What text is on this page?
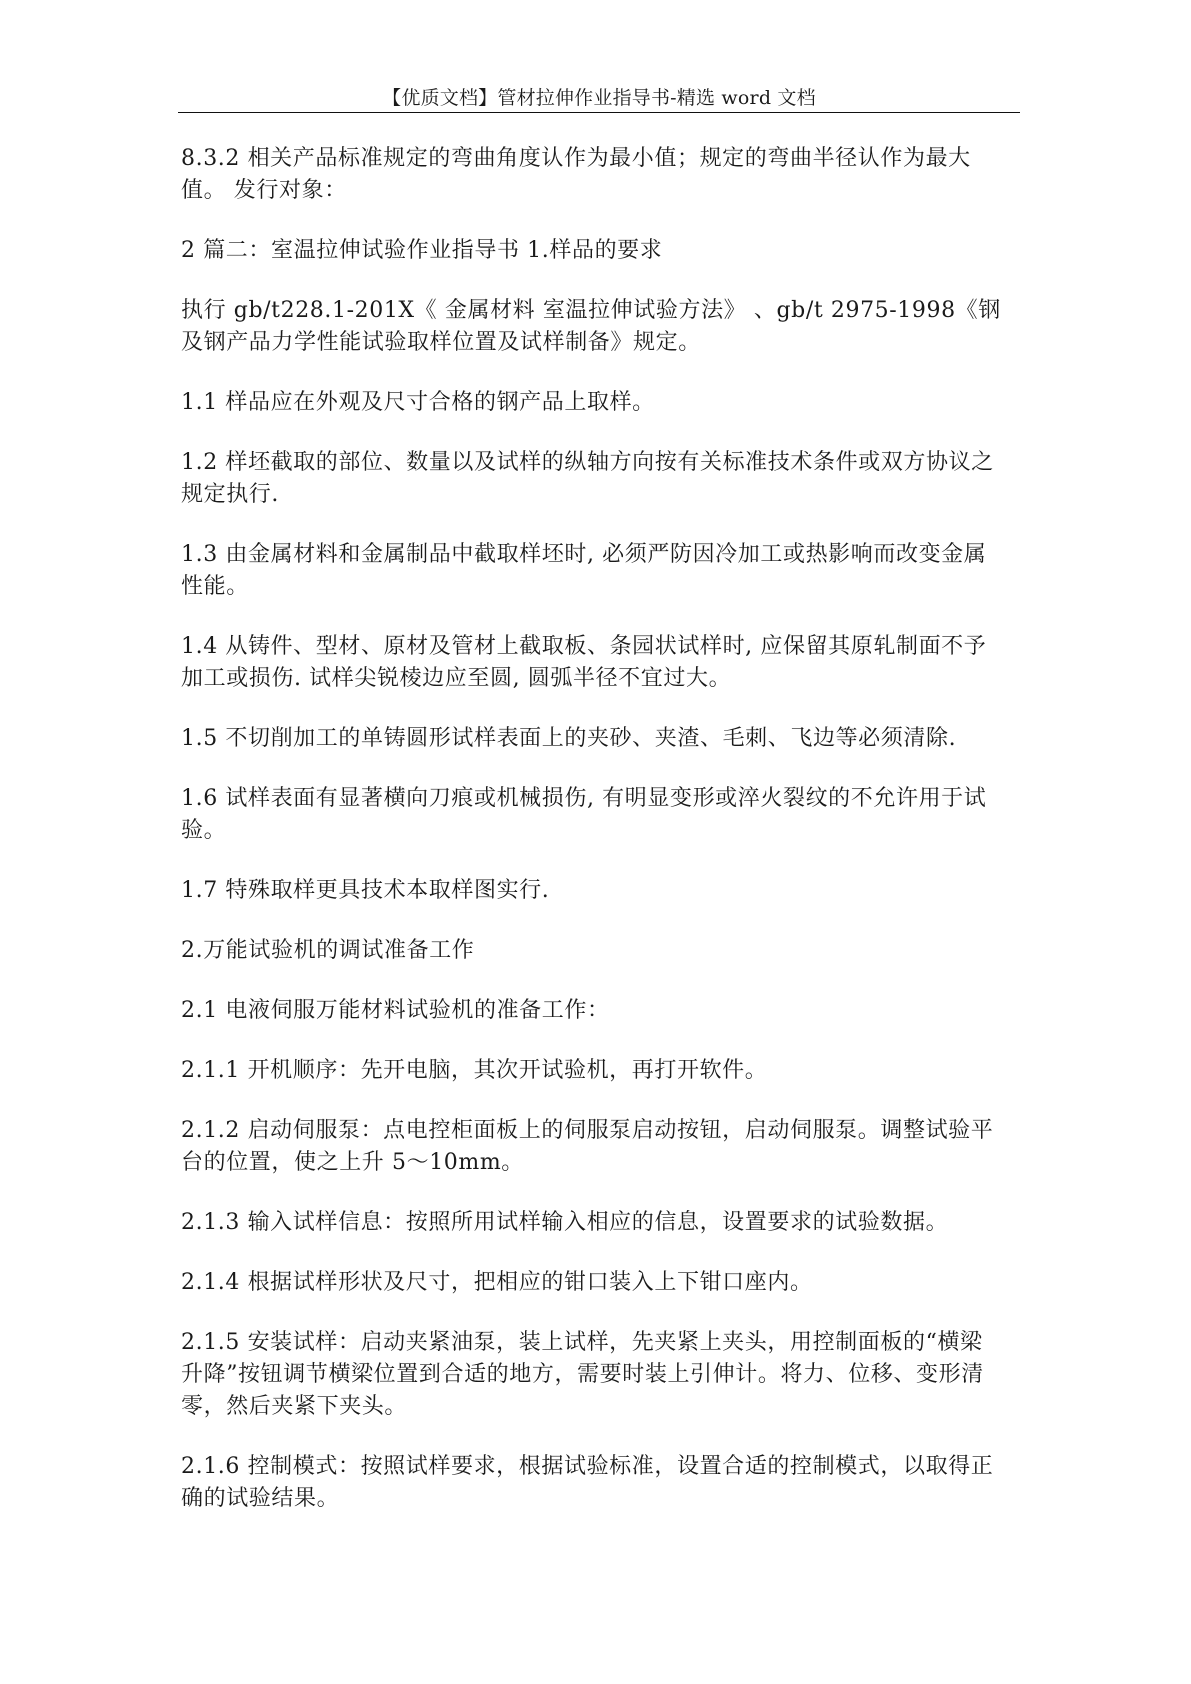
【优质文档】管材拉伸作业指导书-精选 word 文档

8.3.2 相关产品标准规定的弯曲角度认作为最小值；规定的弯曲半径认作为最大值。 发行对象：

2 篇二：室温拉伸试验作业指导书 1.样品的要求

执行 gb/t228.1-201X《 金属材料 室温拉伸试验方法》 、gb/t 2975-1998《钢及钢产品力学性能试验取样位置及试样制备》规定。

1.1 样品应在外观及尺寸合格的钢产品上取样。

1.2 样坯截取的部位、数量以及试样的纵轴方向按有关标准技术条件或双方协议之规定执行.

1.3 由金属材料和金属制品中截取样坯时, 必须严防因冷加工或热影响而改变金属性能。

1.4 从铸件、型材、原材及管材上截取板、条园状试样时, 应保留其原轧制面不予加工或损伤. 试样尖锐棱边应至圆, 圆弧半径不宜过大。

1.5 不切削加工的单铸圆形试样表面上的夹砂、夹渣、毛刺、飞边等必须清除.

1.6 试样表面有显著横向刀痕或机械损伤, 有明显变形或淬火裂纹的不允许用于试验。

1.7 特殊取样更具技术本取样图实行.

2.万能试验机的调试准备工作

2.1 电液伺服万能材料试验机的准备工作：

2.1.1 开机顺序：先开电脑，其次开试验机，再打开软件。

2.1.2 启动伺服泵：点电控柜面板上的伺服泵启动按钮，启动伺服泵。调整试验平台的位置，使之上升 5～10mm。

2.1.3 输入试样信息：按照所用试样输入相应的信息，设置要求的试验数据。

2.1.4 根据试样形状及尺寸，把相应的钳口装入上下钳口座内。

2.1.5 安装试样：启动夹紧油泵，装上试样，先夹紧上夹头，用控制面板的“横梁升降”按钮调节横梁位置到合适的地方，需要时装上引伸计。将力、位移、变形清零，然后夹紧下夹头。

2.1.6 控制模式：按照试样要求，根据试验标准，设置合适的控制模式，以取得正确的试验结果。
